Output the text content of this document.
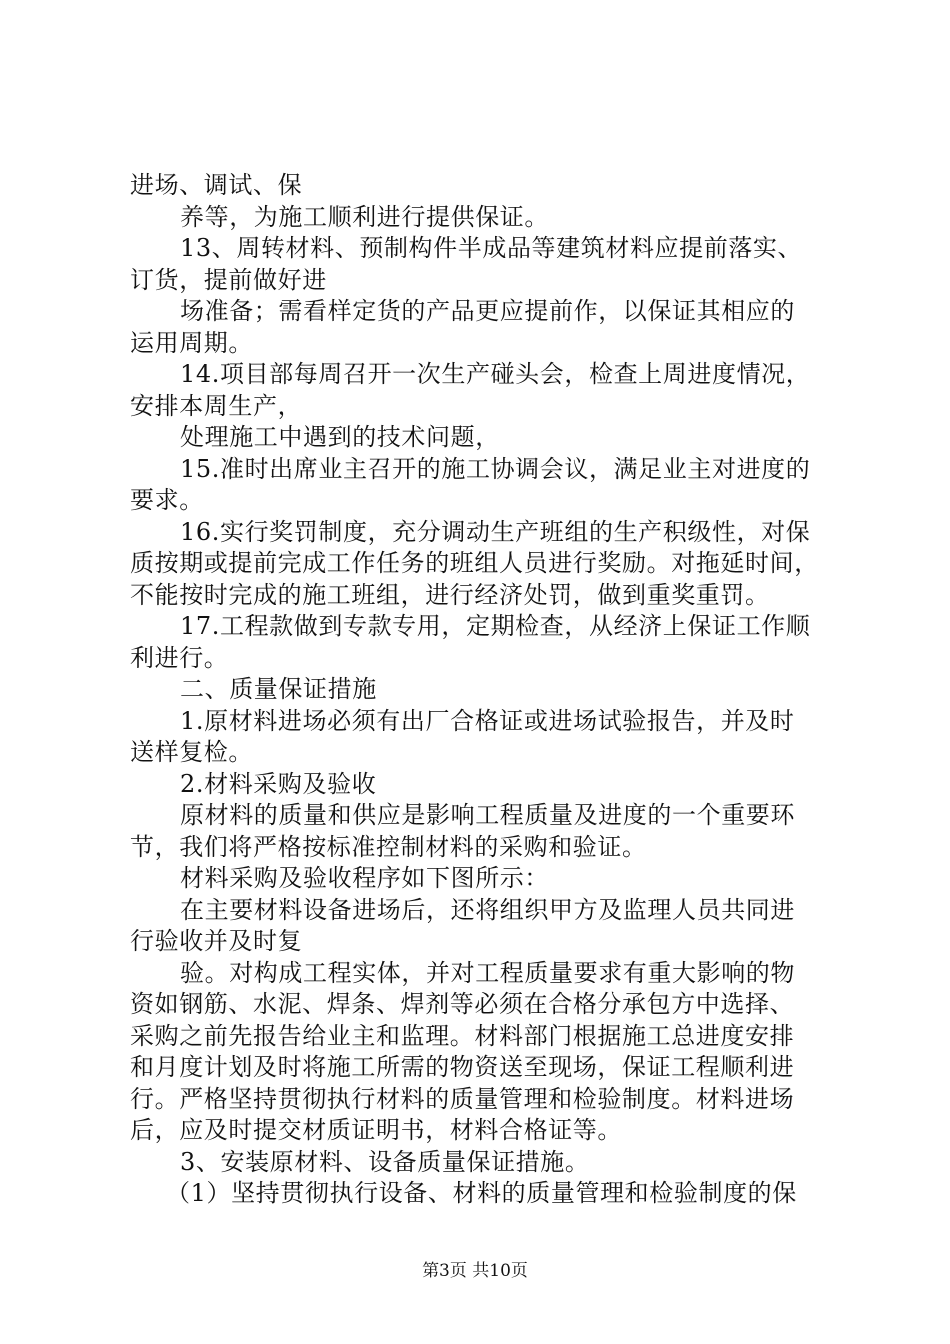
进场、调试、保
养等，为施工顺利进行提供保证。
13、周转材料、预制构件半成品等建筑材料应提前落实、
订货，提前做好进
场准备；需看样定货的产品更应提前作，以保证其相应的
运用周期。
14.项目部每周召开一次生产碰头会，检查上周进度情况，
安排本周生产，
处理施工中遇到的技术问题，
15.准时出席业主召开的施工协调会议，满足业主对进度的
要求。
16.实行奖罚制度，充分调动生产班组的生产积级性，对保
质按期或提前完成工作任务的班组人员进行奖励。对拖延时间，
不能按时完成的施工班组，进行经济处罚，做到重奖重罚。
17.工程款做到专款专用，定期检查，从经济上保证工作顺
利进行。
二、质量保证措施
1.原材料进场必须有出厂合格证或进场试验报告，并及时
送样复检。
2.材料采购及验收
原材料的质量和供应是影响工程质量及进度的一个重要环
节，我们将严格按标准控制材料的采购和验证。
材料采购及验收程序如下图所示：
在主要材料设备进场后，还将组织甲方及监理人员共同进
行验收并及时复
验。对构成工程实体，并对工程质量要求有重大影响的物
资如钢筋、水泥、焊条、焊剂等必须在合格分承包方中选择、
采购之前先报告给业主和监理。材料部门根据施工总进度安排
和月度计划及时将施工所需的物资送至现场，保证工程顺利进
行。严格坚持贯彻执行材料的质量管理和检验制度。材料进场
后，应及时提交材质证明书，材料合格证等。
3、安装原材料、设备质量保证措施。
（1）坚持贯彻执行设备、材料的质量管理和检验制度的保
第3页 共10页
